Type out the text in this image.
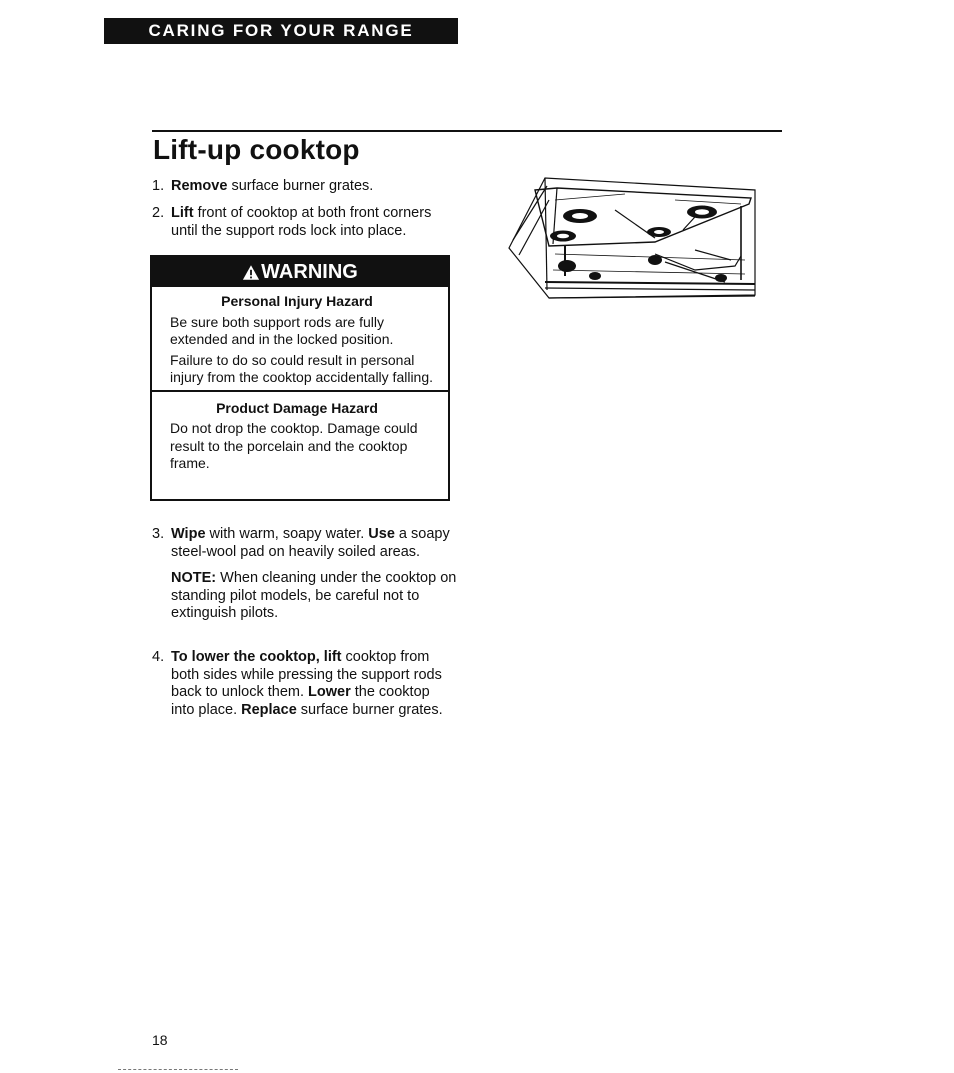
CARING FOR YOUR RANGE
Lift-up cooktop
1. Remove surface burner grates.

2. Lift front of cooktop at both front corners until the support rods lock into place.

WARNING
Personal Injury Hazard

Be sure both support rods are fully extended and in the locked position.

Failure to do so could result in personal injury from the cooktop accidentally falling.

Product Damage Hazard

Do not drop the cooktop. Damage could result to the porcelain and the cooktop frame.

3. Wipe with warm, soapy water. Use a soapy steel-wool pad on heavily soiled areas.

NOTE: When cleaning under the cooktop on standing pilot models, be careful not to extinguish pilots.

4. To lower the cooktop, lift cooktop from both sides while pressing the support rods back to unlock them. Lower the cooktop into place. Replace surface burner grates.

18
